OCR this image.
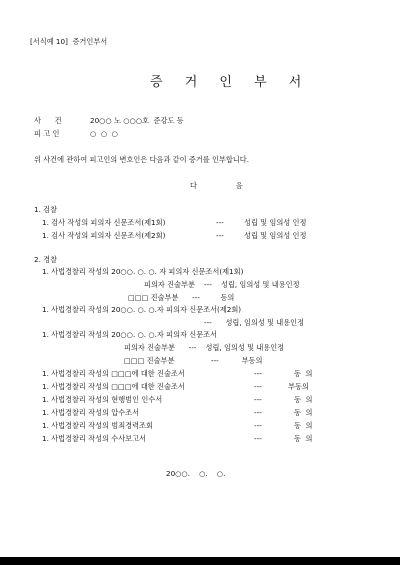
[서식예 10]  증거인부서
증 거 인 부 서
사      건	20○○ 노 ○○○호  준강도 등
피 고 인	○  ○  ○
위 사건에 관하여 피고인의 변호인은 다음과 같이 증거를 인부합니다.
다                 음
1. 검찰
1. 검사 작성의 피의자 신문조서(제1회)	---	성립 및 임의성 인정
1. 검사 작성의 피의자 신문조서(제2회)	---	성립 및 임의성 인정
2. 경찰
1. 사법경찰리 작성의 20○○. ○. ○. 자 피의자 신문조서(제1회)
피의자 진술부분    ---    성립, 임의성 및 내용인정
□□□ 진술부분      ---         동의
1. 사법경찰리 작성의 20○○. ○. ○.자 피의자 신문조서(제2회)
---      성립, 임의성 및 내용인정
1. 사법경찰리 작성의 20○○. ○. ○.자 피의자 신문조서
피의자 진술부분      ---    성립, 임의성 및 내용인정
□□□ 진술부분                ---          부동의
1. 사법경찰리 작성의 □□□에 대한 진술조서	---	동  의
1. 사법경찰리 작성의 □□□에 대한 진술조서	---	부동의
1. 사법경찰리 작성의 현행범인 인수서	---	동  의
1. 사법경찰리 작성의 압수조서	---	동  의
1. 사법경찰리 작성의 범죄경력조회	---	동  의
1. 사법경찰리 작성의 수사보고서	---	동  의
20○○.    ○.    ○.
